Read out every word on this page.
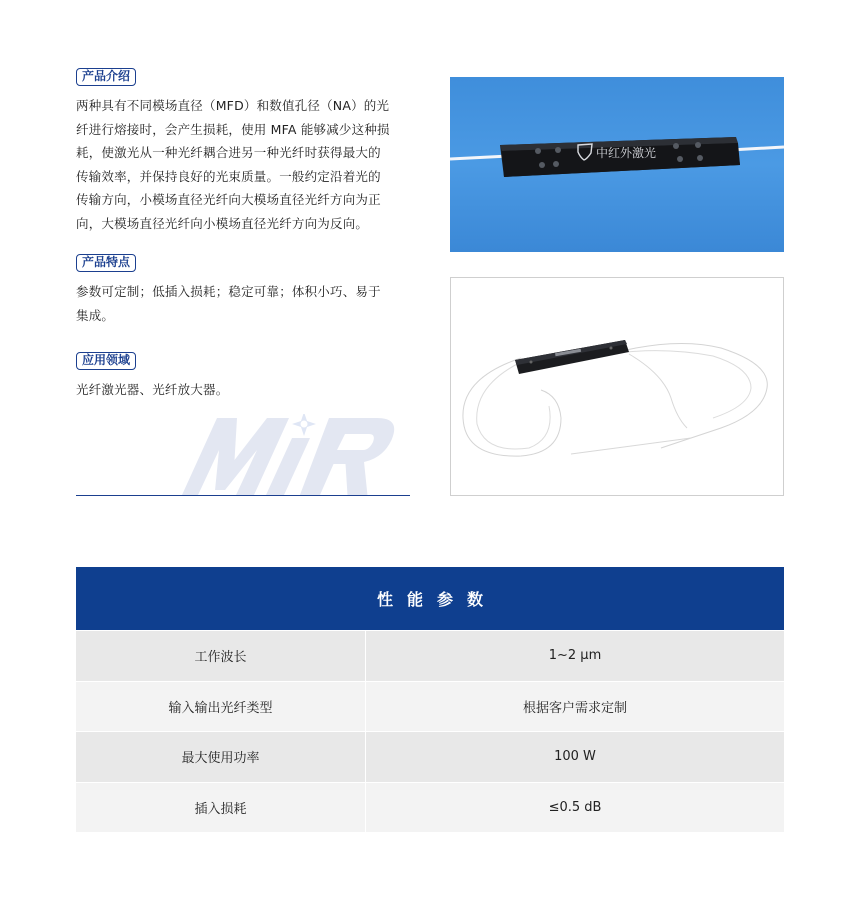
产品介绍
两种具有不同模场直径（MFD）和数值孔径（NA）的光
纤进行熔接时，会产生损耗，使用 MFA 能够减少这种损
耗，使激光从一种光纤耦合进另一种光纤时获得最大的
传输效率，并保持良好的光束质量。一般约定沿着光的
传输方向，小模场直径光纤向大模场直径光纤方向为正
向，大模场直径光纤向小模场直径光纤方向为反向。
产品特点
参数可定制；低插入损耗；稳定可靠；体积小巧、易于
集成。
应用领域
光纤激光器、光纤放大器。
中红外激光
性能参数
工作波长	1~2 μm
输入输出光纤类型	根据客户需求定制
最大使用功率	100 W
插入损耗	≤0.5 dB
